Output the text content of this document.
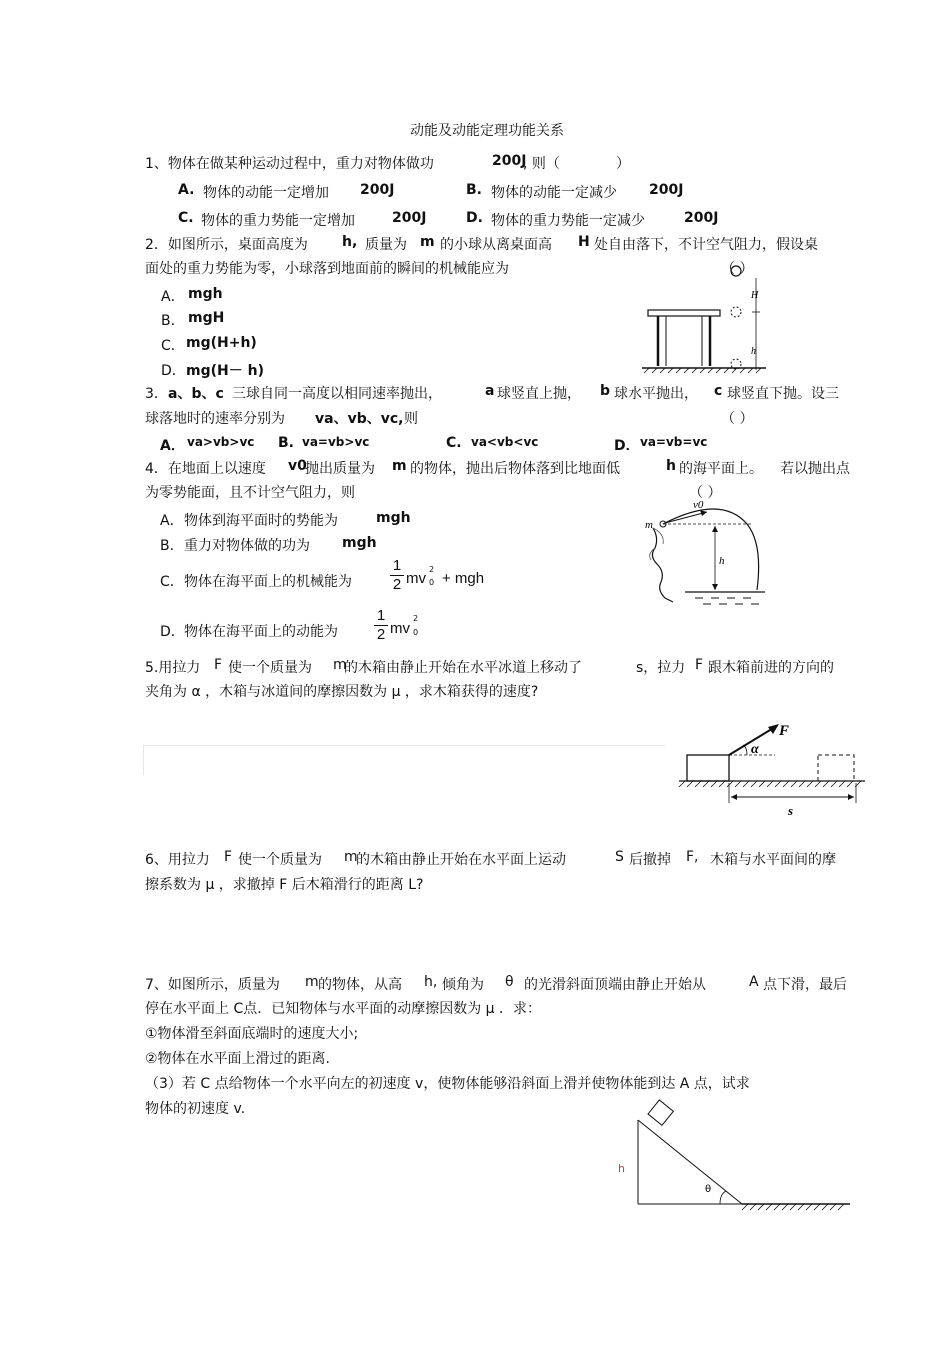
动能及动能定理功能关系
1、物体在做某种运动过程中，重力对物体做功	200J
, 则（	）
A. 物体的动能一定增加 200J	B. 物体的动能一定减少 200J
C. 物体的重力势能一定增加	200J	D. 物体的重力势能一定减少	200J
2．如图所示，桌面高度为 h, 质量为 m 的小球从离桌面高 H 处自由落下，不计空气阻力，假设桌
面处的重力势能为零，小球落到地面前的瞬间的机械能应为	（ ）
A． mgh
B． mgH
C． mg(H+h)
D． mg(H－ h)
H
h
3． a、b、c 三球自同一高度以相同速率抛出，	a 球竖直上抛， b 球水平抛出， c 球竖直下抛。设三
球落地时的速率分别为 va、vb、vc, 则	（ ）
A． va>vb>vc B. va=vb>vc	C. va<vb<vc	D． va=vb=vc
4．在地面上以速度 v0
抛出质量为 m 的物体，抛出后物体落到比地面低	h 的海平面上。 若以抛出点
为零势能面，且不计空气阻力，则	（ ）
A． 物体到海平面时的势能为	mgh
B． 重力对物体做的功为 mgh
C． 物体在海平面上的机械能为
1
2 mv
2
0 + mgh
D． 物体在海平面上的动能为
1
2 mv
2
0
h
m
v0
5.用拉力 F 使一个质量为 m
的木箱由静止开始在水平冰道上移动了	s，拉力 F 跟木箱前进的方向的
夹角为 α ，木箱与冰道间的摩擦因数为 μ ，求木箱获得的速度?
F
α
s
6、用拉力 F 使一个质量为 m
的木箱由静止开始在水平面上运动	S 后撤掉 F, 木箱与水平面间的摩
擦系数为 μ ，求撤掉 F 后木箱滑行的距离 L?
7、如图所示，质量为 m 的物体，从高 h, 倾角为 θ 的光滑斜面顶端由静止开始从	A 点下滑，最后
停在水平面上 C点．已知物体与水平面的动摩擦因数为 μ ．求：
①物体滑至斜面底端时的速度大小;
②物体在水平面上滑过的距离.
（3）若 C 点给物体一个水平向左的初速度 v，使物体能够沿斜面上滑并使物体能到达 A 点，试求
物体的初速度 v.
θ
h
